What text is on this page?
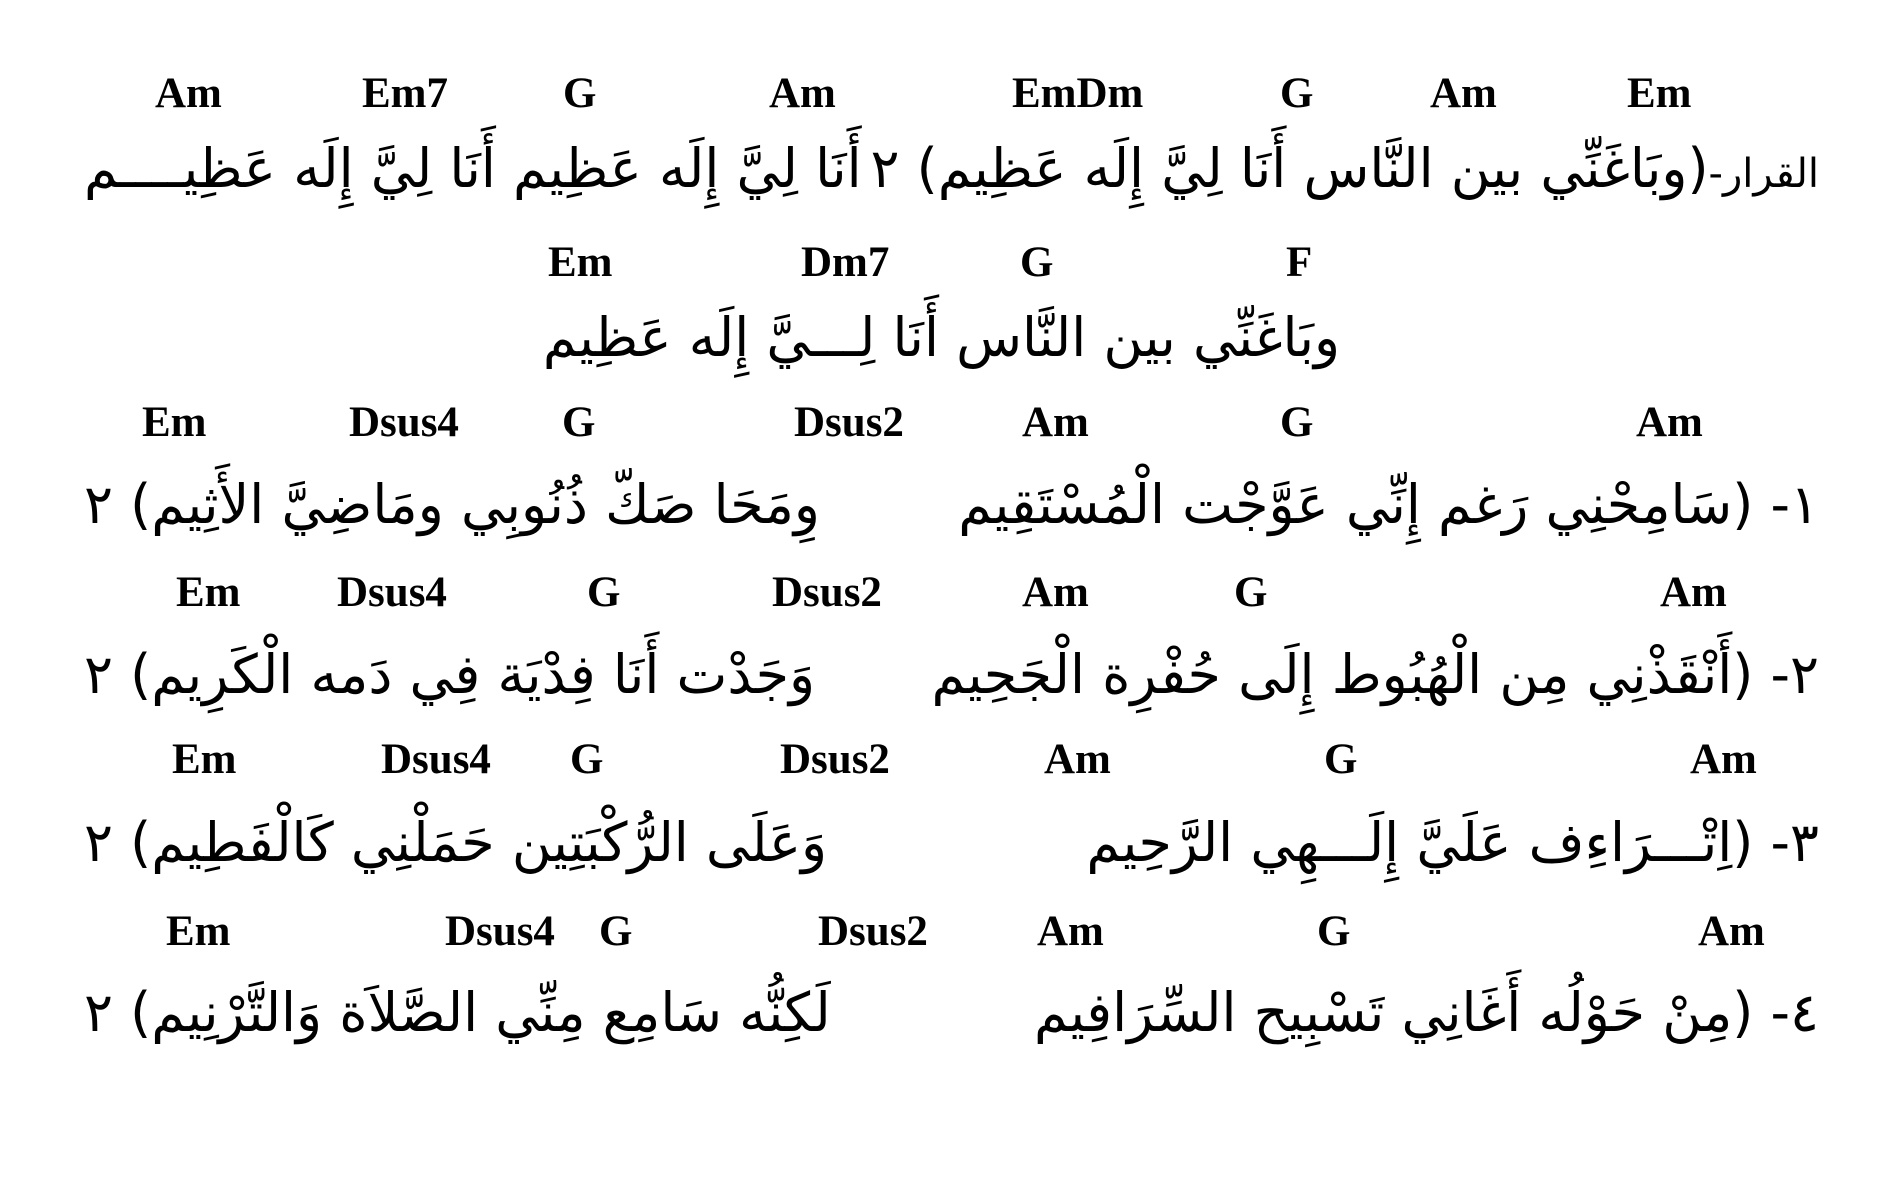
Am	Em7	G	Am	EmDm	G	Am	Em
القرار-(وبَاغَنِّي بين النَّاس أَنَا لِيَّ إِلَه عَظِيم) ٢
أَنَا لِيَّ إِلَه عَظِيم أَنَا لِيَّ إِلَه عَظِيــــم
Em	Dm7	G	F
وبَاغَنِّي بين النَّاس أَنَا لِـــيَّ إِلَه عَظِيم
Em	Dsus4 G	Dsus2	Am	G	Am
١- (سَامِحْنِي رَغم إِنِّي عَوَّجْت الْمُسْتَقِيم
وِمَحَا صَكّ ذُنُوبِي ومَاضِيَّ الأَثِيم) ٢
Em Dsus4	G	Dsus2	Am	G	Am
٢- (أَنْقَذْنِي مِن الْهُبُوط إِلَى حُفْرِة الْجَحِيم
وَجَدْت أَنَا فِدْيَة فِي دَمه الْكَرِيم) ٢
Em	Dsus4 G	Dsus2	Am	G	Am
٣- (اِتْـــرَاءِف عَلَيَّ إِلَـــهِي الرَّحِيم
وَعَلَى الرُّكْبَتِين حَمَلْنِي كَالْفَطِيم) ٢
Em	Dsus4 G	Dsus2	Am	G	Am
٤- (مِنْ حَوْلُه أَغَانِي تَسْبِيح السِّرَافِيم
لَكِنُّه سَامِع مِنِّي الصَّلاَة وَالتَّرْنِيم) ٢
